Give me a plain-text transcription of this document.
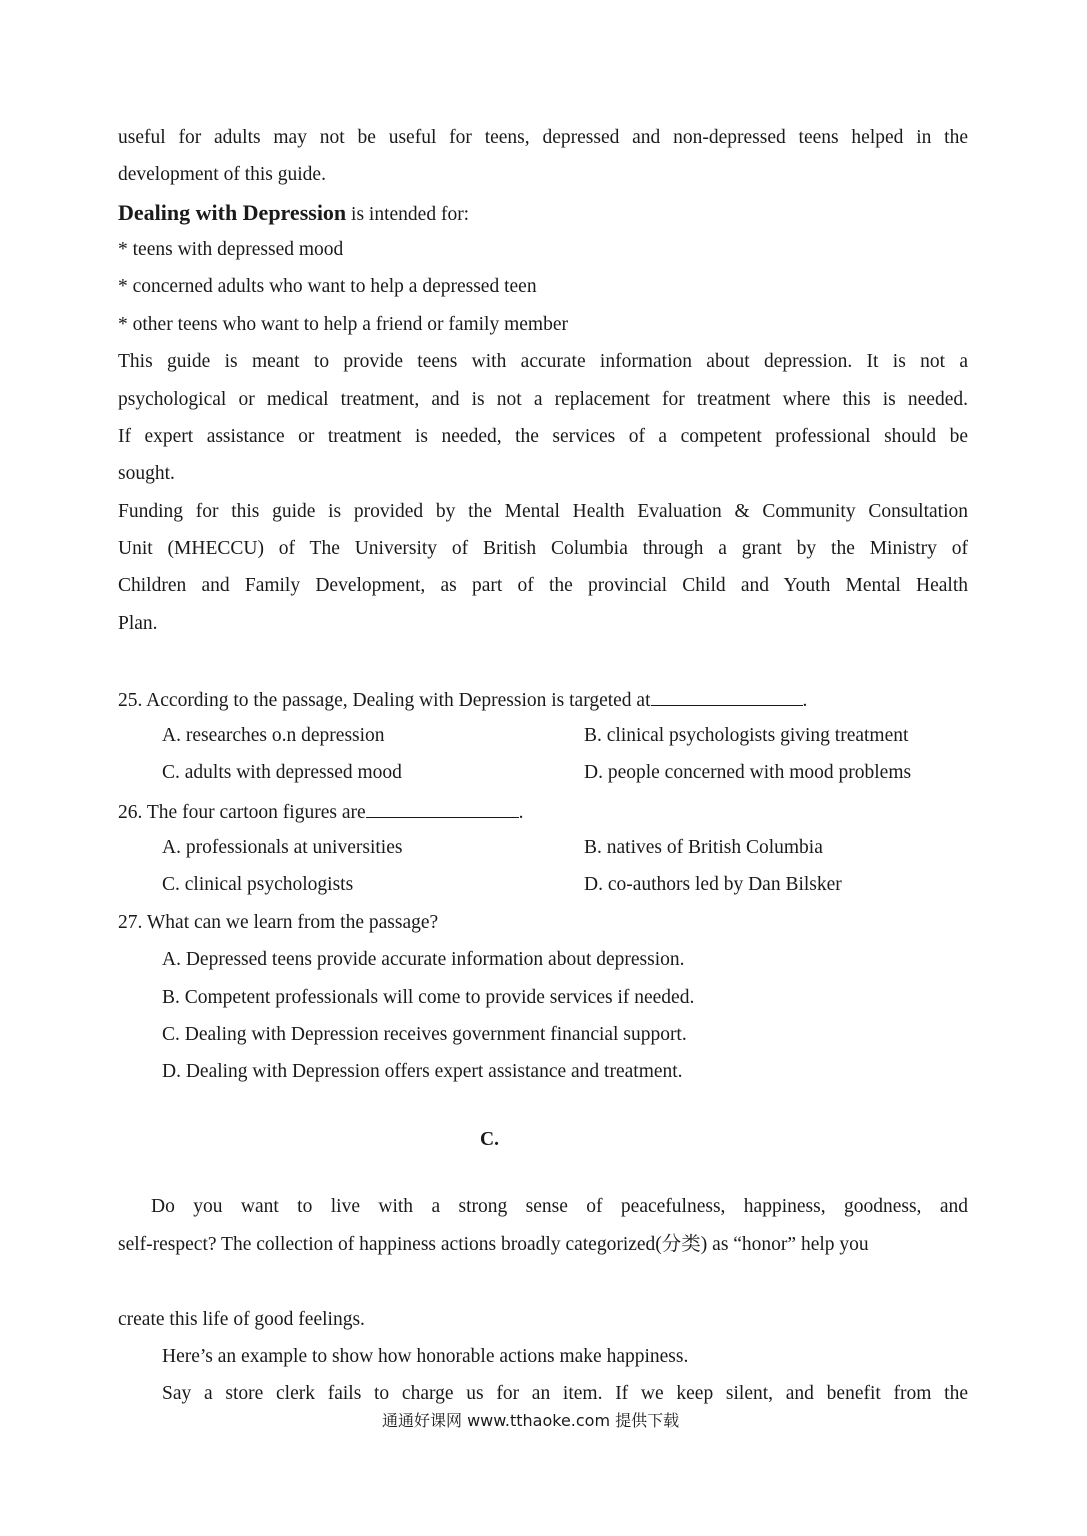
useful for adults may not be useful for teens, depressed and non-depressed teens helped in the
development of this guide.
Dealing with Depression is intended for:
* teens with depressed mood
* concerned adults who want to help a depressed teen
* other teens who want to help a friend or family member
This guide is meant to provide teens with accurate information about depression. It is not a
psychological or medical treatment, and is not a replacement for treatment where this is needed.
If expert assistance or treatment is needed, the services of a competent professional should be
sought.
Funding for this guide is provided by the Mental Health Evaluation & Community Consultation
Unit (MHECCU) of The University of British Columbia through a grant by the Ministry of
Children and Family Development, as part of the provincial Child and Youth Mental Health
Plan.
25. According to the passage, Dealing with Depression is targeted at	.
A. researches o.n depression	B. clinical psychologists giving treatment
C. adults with depressed mood	D. people concerned with mood problems
26. The four cartoon figures are	.
A. professionals at universities	B. natives of British Columbia
C. clinical psychologists	D. co-authors led by Dan Bilsker
27. What can we learn from the passage?
A. Depressed teens provide accurate information about depression.
B. Competent professionals will come to provide services if needed.
C. Dealing with Depression receives government financial support.
D. Dealing with Depression offers expert assistance and treatment.
C.
Do you want to live with a strong sense of peacefulness, happiness, goodness, and
self-respect? The collection of happiness actions broadly categorized(分类) as “honor” help you
create this life of good feelings.
Here’s an example to show how honorable actions make happiness.
Say a store clerk fails to charge us for an item. If we keep silent, and benefit from the
通通好课网 www.tthaoke.com 提供下载
